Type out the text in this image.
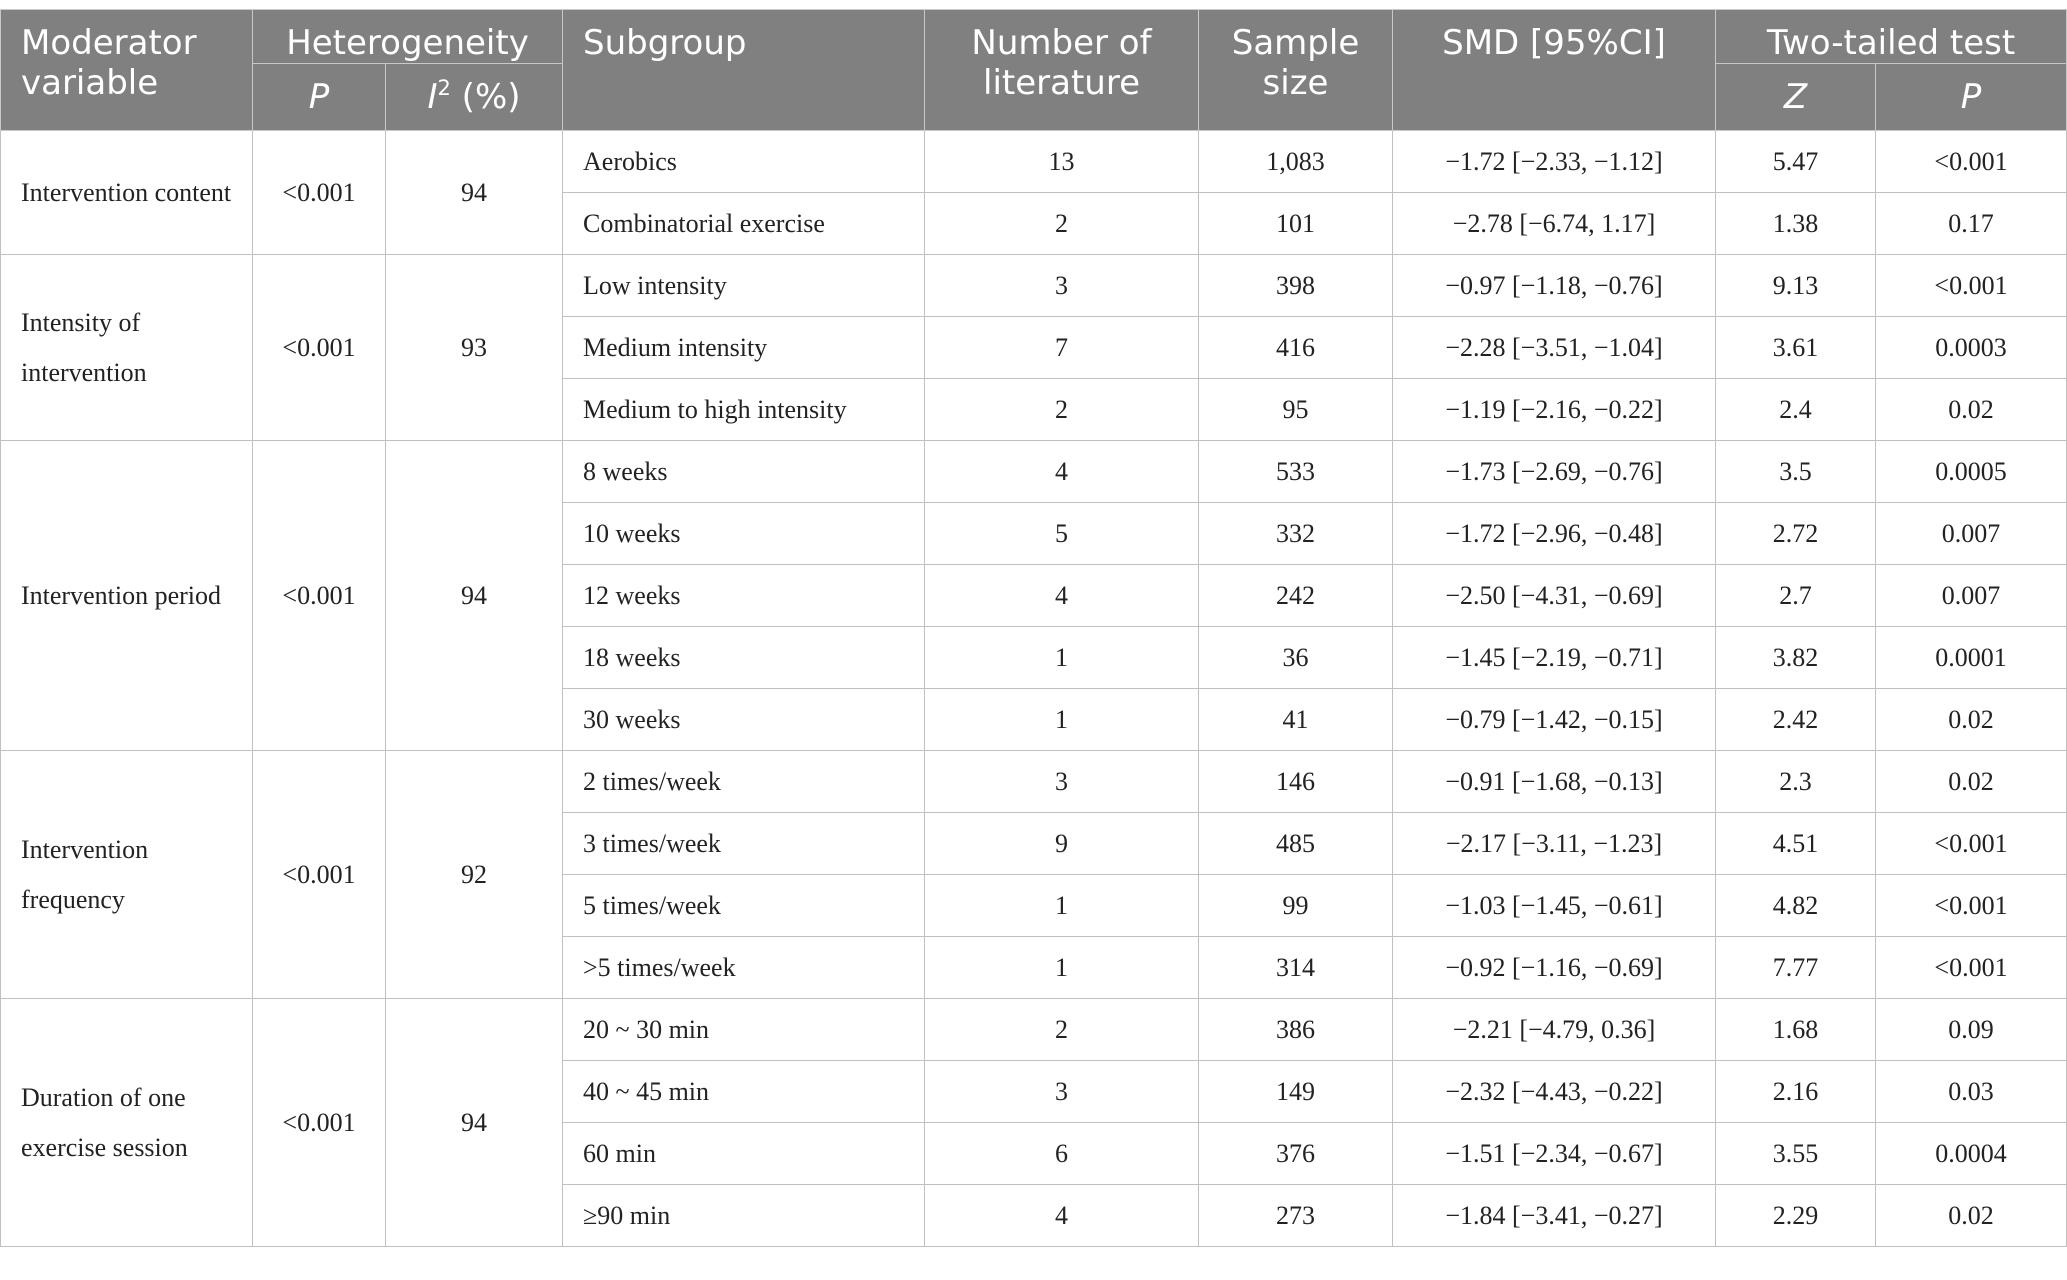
Moderator variable	Heterogeneity		Subgroup	Number of literature	Sample size	SMD [95%CI]	Two-tailed test	
	P	$I^2$ (%)					Z	P
Intervention content	<0.001	94	Aerobics	13	1,083	−1.72 [−2.33, −1.12]	5.47	<0.001
			Combinatorial exercise	2	101	−2.78 [−6.74, 1.17]	1.38	0.17
Intensity of intervention	<0.001	93	Low intensity	3	398	−0.97 [−1.18, −0.76]	9.13	<0.001
			Medium intensity	7	416	−2.28 [−3.51, −1.04]	3.61	0.0003
			Medium to high intensity	2	95	−1.19 [−2.16, −0.22]	2.4	0.02
Intervention period	<0.001	94	8 weeks	4	533	−1.73 [−2.69, −0.76]	3.5	0.0005
			10 weeks	5	332	−1.72 [−2.96, −0.48]	2.72	0.007
			12 weeks	4	242	−2.50 [−4.31, −0.69]	2.7	0.007
			18 weeks	1	36	−1.45 [−2.19, −0.71]	3.82	0.0001
			30 weeks	1	41	−0.79 [−1.42, −0.15]	2.42	0.02
Intervention frequency	<0.001	92	2 times/week	3	146	−0.91 [−1.68, −0.13]	2.3	0.02
			3 times/week	9	485	−2.17 [−3.11, −1.23]	4.51	<0.001
			5 times/week	1	99	−1.03 [−1.45, −0.61]	4.82	<0.001
			>5 times/week	1	314	−0.92 [−1.16, −0.69]	7.77	<0.001
Duration of one exercise session	<0.001	94	20 ~ 30 min	2	386	−2.21 [−4.79, 0.36]	1.68	0.09
			40 ~ 45 min	3	149	−2.32 [−4.43, −0.22]	2.16	0.03
			60 min	6	376	−1.51 [−2.34, −0.67]	3.55	0.0004
			≥90 min	4	273	−1.84 [−3.41, −0.27]	2.29	0.02
